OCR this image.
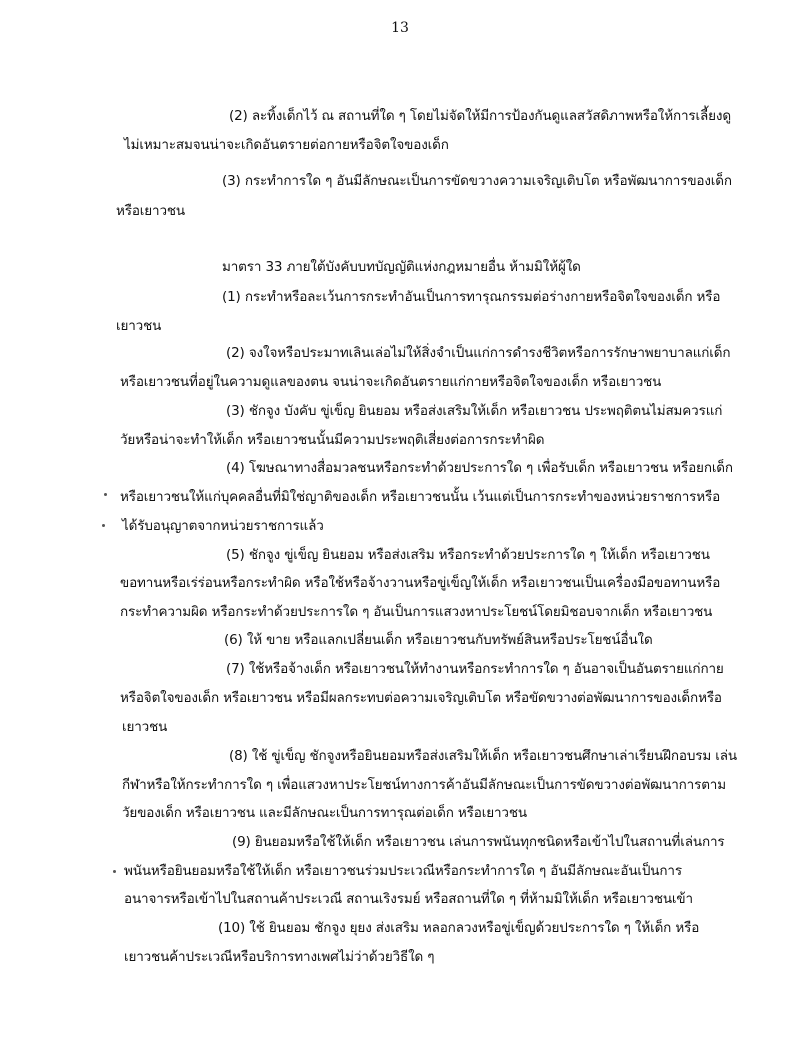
13
(2) ละทิ้งเด็กไว้ ณ สถานที่ใด ๆ โดยไม่จัดให้มีการป้องกันดูแลสวัสดิภาพหรือให้การเลี้ยงดู
ไม่เหมาะสมจนน่าจะเกิดอันตรายต่อกายหรือจิตใจของเด็ก
(3) กระทำการใด ๆ อันมีลักษณะเป็นการขัดขวางความเจริญเติบโต หรือพัฒนาการของเด็ก
หรือเยาวชน
มาตรา 33 ภายใต้บังคับบทบัญญัติแห่งกฎหมายอื่น ห้ามมิให้ผู้ใด
(1) กระทำหรือละเว้นการกระทำอันเป็นการทารุณกรรมต่อร่างกายหรือจิตใจของเด็ก หรือ
เยาวชน
(2) จงใจหรือประมาทเลินเล่อไม่ให้สิ่งจำเป็นแก่การดำรงชีวิตหรือการรักษาพยาบาลแก่เด็ก
หรือเยาวชนที่อยู่ในความดูแลของตน จนน่าจะเกิดอันตรายแก่กายหรือจิตใจของเด็ก หรือเยาวชน
(3) ชักจูง บังคับ ขู่เข็ญ ยินยอม หรือส่งเสริมให้เด็ก หรือเยาวชน ประพฤติตนไม่สมควรแก่
วัยหรือน่าจะทำให้เด็ก หรือเยาวชนนั้นมีความประพฤติเสี่ยงต่อการกระทำผิด
(4) โฆษณาทางสื่อมวลชนหรือกระทำด้วยประการใด ๆ เพื่อรับเด็ก หรือเยาวชน หรือยกเด็ก
หรือเยาวชนให้แก่บุคคลอื่นที่มิใช่ญาติของเด็ก หรือเยาวชนนั้น เว้นแต่เป็นการกระทำของหน่วยราชการหรือ
ได้รับอนุญาตจากหน่วยราชการแล้ว
(5) ชักจูง ขู่เข็ญ ยินยอม หรือส่งเสริม หรือกระทำด้วยประการใด ๆ ให้เด็ก หรือเยาวชน
ขอทานหรือเร่ร่อนหรือกระทำผิด หรือใช้หรือจ้างวานหรือขู่เข็ญให้เด็ก หรือเยาวชนเป็นเครื่องมือขอทานหรือ
กระทำความผิด หรือกระทำด้วยประการใด ๆ อันเป็นการแสวงหาประโยชน์โดยมิชอบจากเด็ก หรือเยาวชน
(6) ให้ ขาย หรือแลกเปลี่ยนเด็ก หรือเยาวชนกับทรัพย์สินหรือประโยชน์อื่นใด
(7) ใช้หรือจ้างเด็ก หรือเยาวชนให้ทำงานหรือกระทำการใด ๆ อันอาจเป็นอันตรายแก่กาย
หรือจิตใจของเด็ก หรือเยาวชน หรือมีผลกระทบต่อความเจริญเติบโต หรือขัดขวางต่อพัฒนาการของเด็กหรือ
เยาวชน
(8) ใช้ ขู่เข็ญ ชักจูงหรือยินยอมหรือส่งเสริมให้เด็ก หรือเยาวชนศึกษาเล่าเรียนฝึกอบรม เล่น
กีฬาหรือให้กระทำการใด ๆ เพื่อแสวงหาประโยชน์ทางการค้าอันมีลักษณะเป็นการขัดขวางต่อพัฒนาการตาม
วัยของเด็ก หรือเยาวชน และมีลักษณะเป็นการทารุณต่อเด็ก หรือเยาวชน
(9) ยินยอมหรือใช้ให้เด็ก หรือเยาวชน เล่นการพนันทุกชนิดหรือเข้าไปในสถานที่เล่นการ
พนันหรือยินยอมหรือใช้ให้เด็ก หรือเยาวชนร่วมประเวณีหรือกระทำการใด ๆ อันมีลักษณะอันเป็นการ
อนาจารหรือเข้าไปในสถานค้าประเวณี สถานเริงรมย์ หรือสถานที่ใด ๆ ที่ห้ามมิให้เด็ก หรือเยาวชนเข้า
(10) ใช้ ยินยอม ชักจูง ยุยง ส่งเสริม หลอกลวงหรือขู่เข็ญด้วยประการใด ๆ ให้เด็ก หรือ
เยาวชนค้าประเวณีหรือบริการทางเพศไม่ว่าด้วยวิธีใด ๆ
